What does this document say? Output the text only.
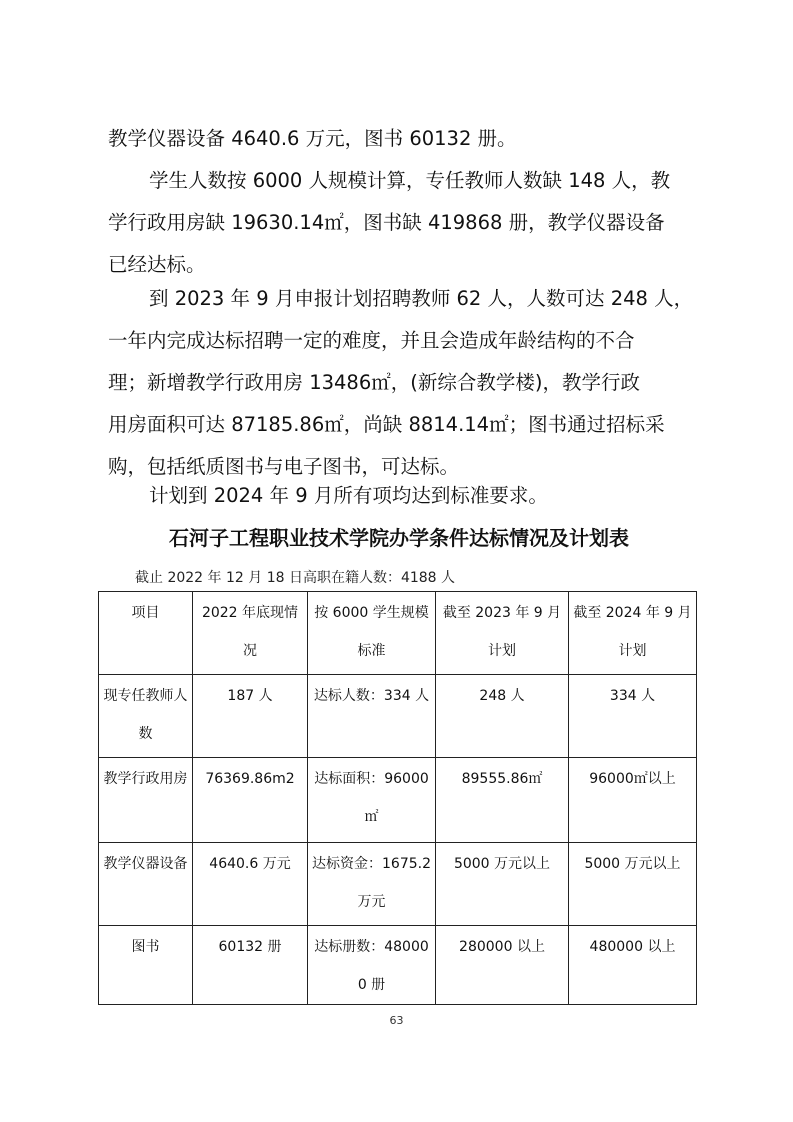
教学仪器设备 4640.6 万元，图书 60132 册。
学生人数按 6000 人规模计算，专任教师人数缺 148 人，教
学行政用房缺 19630.14㎡，图书缺 419868 册，教学仪器设备
已经达标。
到 2023 年 9 月申报计划招聘教师 62 人，人数可达 248 人，
一年内完成达标招聘一定的难度，并且会造成年龄结构的不合
理；新增教学行政用房 13486㎡，(新综合教学楼)，教学行政
用房面积可达 87185.86㎡，尚缺 8814.14㎡；图书通过招标采
购，包括纸质图书与电子图书，可达标。
计划到 2024 年 9 月所有项均达到标准要求。
石河子工程职业技术学院办学条件达标情况及计划表
截止 2022 年 12 月 18 日高职在籍人数：4188 人
项目	2022 年底现情况	按 6000 学生规模标准	截至 2023 年 9 月计划	截至 2024 年 9 月计划
现专任教师人数	187 人	达标人数：334 人	248 人	334 人
教学行政用房	76369.86m2	达标面积：96000㎡	89555.86㎡	96000㎡以上
教学仪器设备	4640.6 万元	达标资金：1675.2 万元	5000 万元以上	5000 万元以上
图书	60132 册	达标册数：480000 册	280000 以上	480000 以上
63
